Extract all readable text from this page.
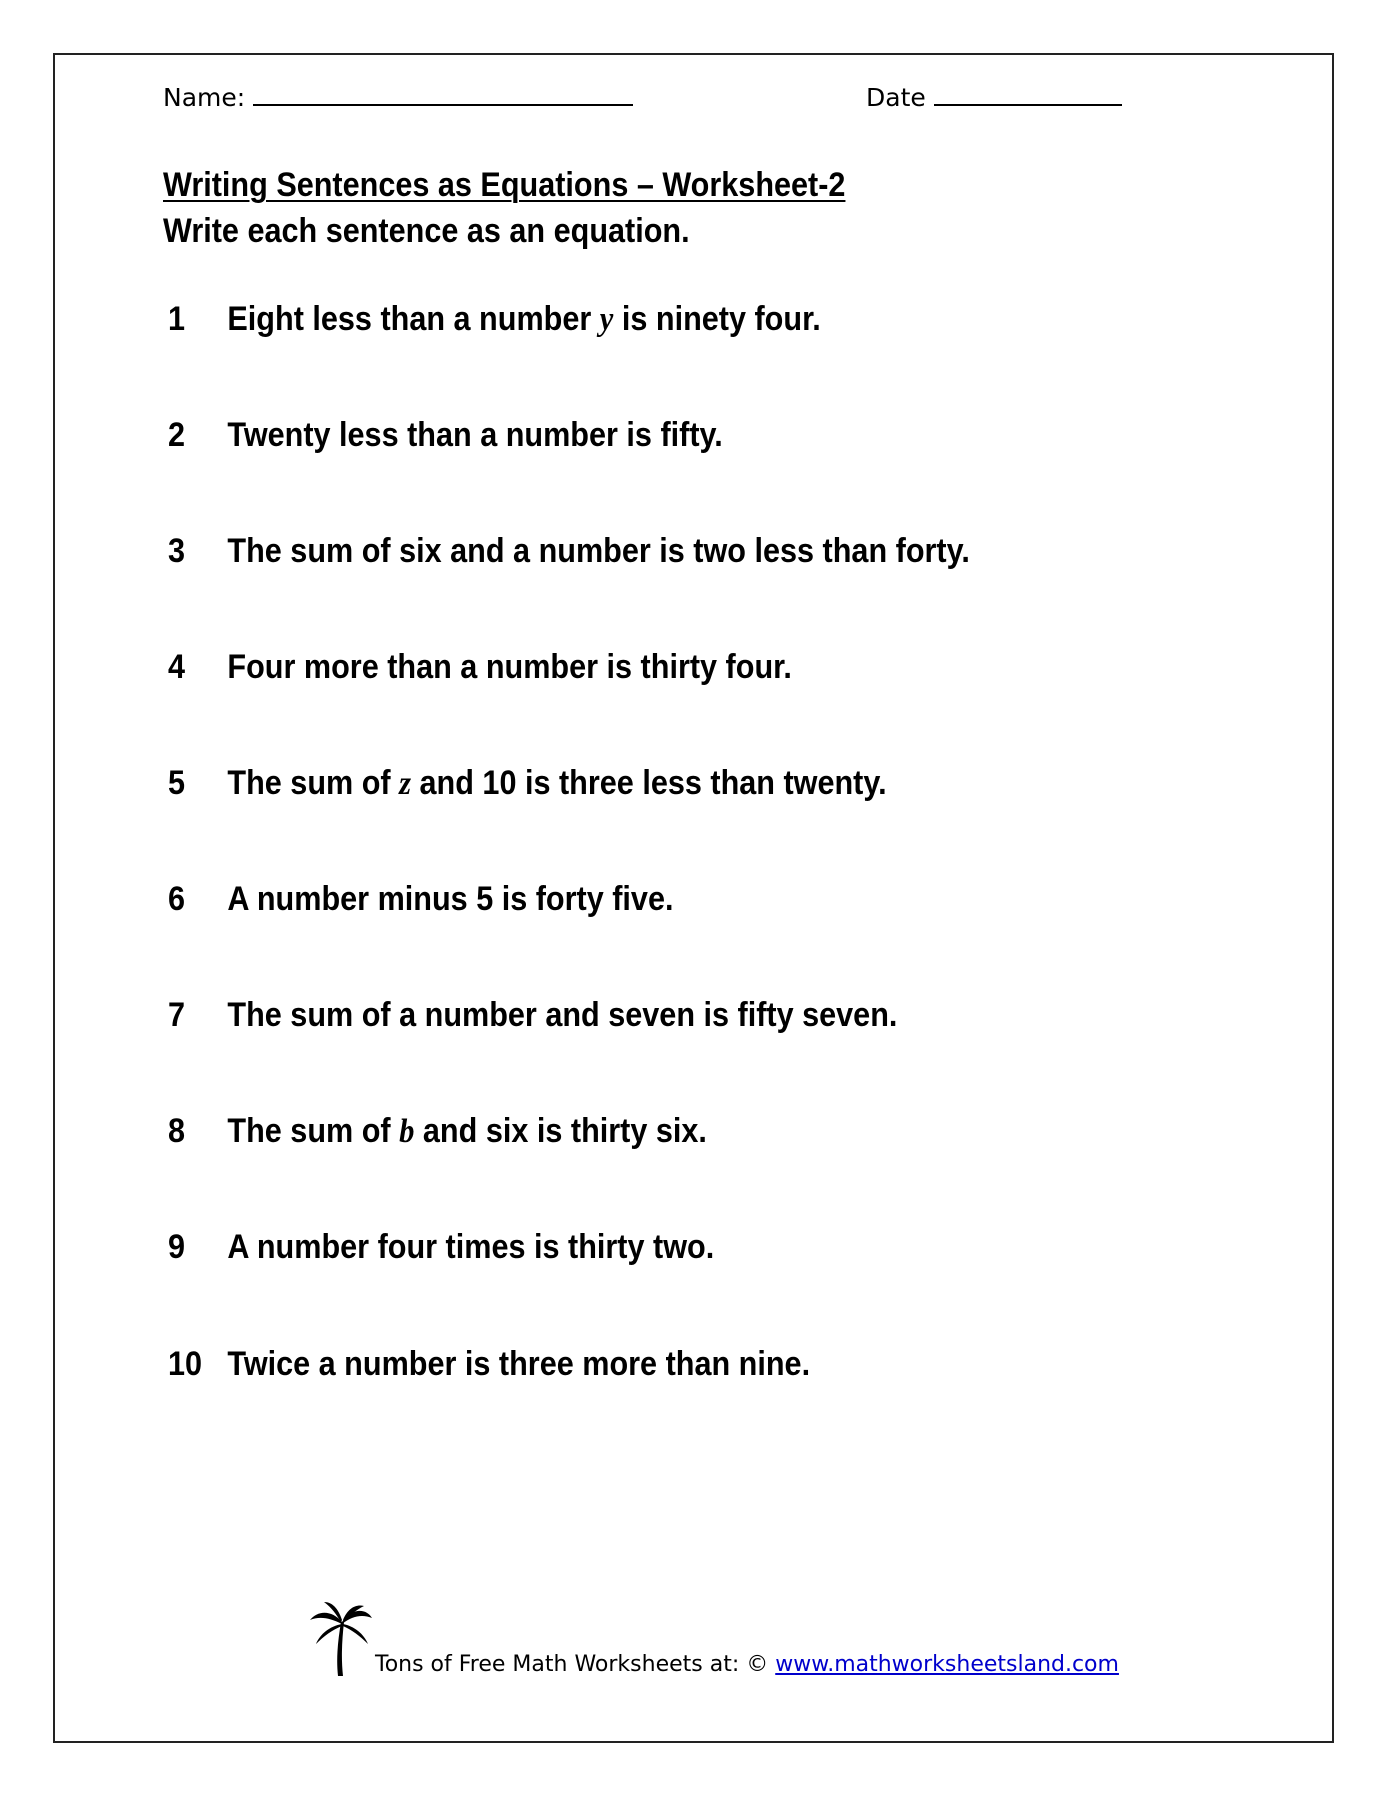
Name:	Date
Writing Sentences as Equations – Worksheet-2
Write each sentence as an equation.
1 Eight less than a number y is ninety four.
2 Twenty less than a number is fifty.
3 The sum of six and a number is two less than forty.
4 Four more than a number is thirty four.
5 The sum of z and 10 is three less than twenty.
6 A number minus 5 is forty five.
7 The sum of a number and seven is fifty seven.
8 The sum of b and six is thirty six.
9 A number four times is thirty two.
10 Twice a number is three more than nine.
Tons of Free Math Worksheets at: © www.mathworksheetsland.com
